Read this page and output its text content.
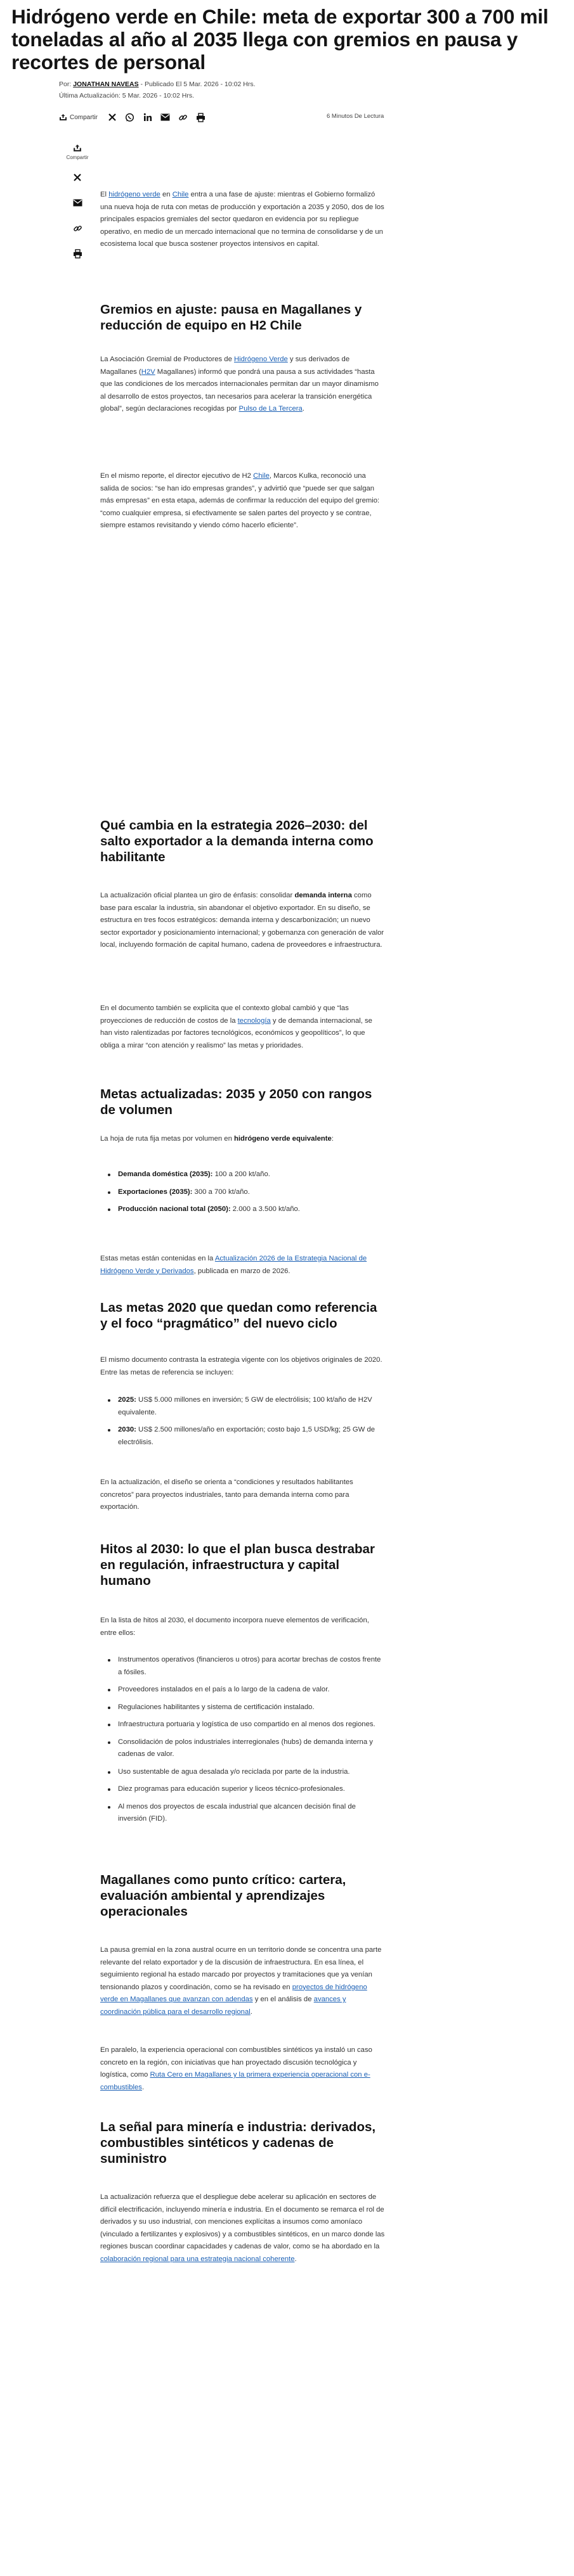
Hidrógeno verde en Chile: meta de exportar 300 a 700 mil toneladas al año al 2035 llega con gremios en pausa y recortes de personal
Por: JONATHAN NAVEAS - Publicado El 5 Mar. 2026 - 10:02 Hrs.
Última Actualización: 5 Mar. 2026 - 10:02 Hrs.
Compartir	6 Minutos De Lectura
Compartir

El hidrógeno verde en Chile entra a una fase de ajuste: mientras el Gobierno formalizó una nueva hoja de ruta con metas de producción y exportación a 2035 y 2050, dos de los principales espacios gremiales del sector quedaron en evidencia por su repliegue operativo, en medio de un mercado internacional que no termina de consolidarse y de un ecosistema local que busca sostener proyectos intensivos en capital.

Gremios en ajuste: pausa en Magallanes y reducción de equipo en H2 Chile

La Asociación Gremial de Productores de Hidrógeno Verde y sus derivados de Magallanes (H2V Magallanes) informó que pondrá una pausa a sus actividades “hasta que las condiciones de los mercados internacionales permitan dar un mayor dinamismo al desarrollo de estos proyectos, tan necesarios para acelerar la transición energética global”, según declaraciones recogidas por Pulso de La Tercera.

En el mismo reporte, el director ejecutivo de H2 Chile, Marcos Kulka, reconoció una salida de socios: “se han ido empresas grandes”, y advirtió que “puede ser que salgan más empresas” en esta etapa, además de confirmar la reducción del equipo del gremio: “como cualquier empresa, si efectivamente se salen partes del proyecto y se contrae, siempre estamos revisitando y viendo cómo hacerlo eficiente”.

Qué cambia en la estrategia 2026–2030: del salto exportador a la demanda interna como habilitante

La actualización oficial plantea un giro de énfasis: consolidar demanda interna como base para escalar la industria, sin abandonar el objetivo exportador. En su diseño, se estructura en tres focos estratégicos: demanda interna y descarbonización; un nuevo sector exportador y posicionamiento internacional; y gobernanza con generación de valor local, incluyendo formación de capital humano, cadena de proveedores e infraestructura.

En el documento también se explicita que el contexto global cambió y que “las proyecciones de reducción de costos de la tecnología y de demanda internacional, se han visto ralentizadas por factores tecnológicos, económicos y geopolíticos”, lo que obliga a mirar “con atención y realismo” las metas y prioridades.

Metas actualizadas: 2035 y 2050 con rangos de volumen

La hoja de ruta fija metas por volumen en hidrógeno verde equivalente:

Demanda doméstica (2035): 100 a 200 kt/año.
Exportaciones (2035): 300 a 700 kt/año.
Producción nacional total (2050): 2.000 a 3.500 kt/año.

Estas metas están contenidas en la Actualización 2026 de la Estrategia Nacional de Hidrógeno Verde y Derivados, publicada en marzo de 2026.

Las metas 2020 que quedan como referencia y el foco “pragmático” del nuevo ciclo

El mismo documento contrasta la estrategia vigente con los objetivos originales de 2020. Entre las metas de referencia se incluyen:

2025: US$ 5.000 millones en inversión; 5 GW de electrólisis; 100 kt/año de H2V equivalente.
2030: US$ 2.500 millones/año en exportación; costo bajo 1,5 USD/kg; 25 GW de electrólisis.

En la actualización, el diseño se orienta a “condiciones y resultados habilitantes concretos” para proyectos industriales, tanto para demanda interna como para exportación.

Hitos al 2030: lo que el plan busca destrabar en regulación, infraestructura y capital humano

En la lista de hitos al 2030, el documento incorpora nueve elementos de verificación, entre ellos:

Instrumentos operativos (financieros u otros) para acortar brechas de costos frente a fósiles.
Proveedores instalados en el país a lo largo de la cadena de valor.
Regulaciones habilitantes y sistema de certificación instalado.
Infraestructura portuaria y logística de uso compartido en al menos dos regiones.
Consolidación de polos industriales interregionales (hubs) de demanda interna y cadenas de valor.
Uso sustentable de agua desalada y/o reciclada por parte de la industria.
Diez programas para educación superior y liceos técnico-profesionales.
Al menos dos proyectos de escala industrial que alcancen decisión final de inversión (FID).
Magallanes como punto crítico: cartera, evaluación ambiental y aprendizajes operacionales

La pausa gremial en la zona austral ocurre en un territorio donde se concentra una parte relevante del relato exportador y de la discusión de infraestructura. En esa línea, el seguimiento regional ha estado marcado por proyectos y tramitaciones que ya venían tensionando plazos y coordinación, como se ha revisado en proyectos de hidrógeno verde en Magallanes que avanzan con adendas y en el análisis de avances y coordinación pública para el desarrollo regional.

En paralelo, la experiencia operacional con combustibles sintéticos ya instaló un caso concreto en la región, con iniciativas que han proyectado discusión tecnológica y logística, como Ruta Cero en Magallanes y la primera experiencia operacional con e-combustibles.

La señal para minería e industria: derivados, combustibles sintéticos y cadenas de suministro

La actualización refuerza que el despliegue debe acelerar su aplicación en sectores de difícil electrificación, incluyendo minería e industria. En el documento se remarca el rol de derivados y su uso industrial, con menciones explícitas a insumos como amoníaco (vinculado a fertilizantes y explosivos) y a combustibles sintéticos, en un marco donde las regiones buscan coordinar capacidades y cadenas de valor, como se ha abordado en la colaboración regional para una estrategia nacional coherente.
